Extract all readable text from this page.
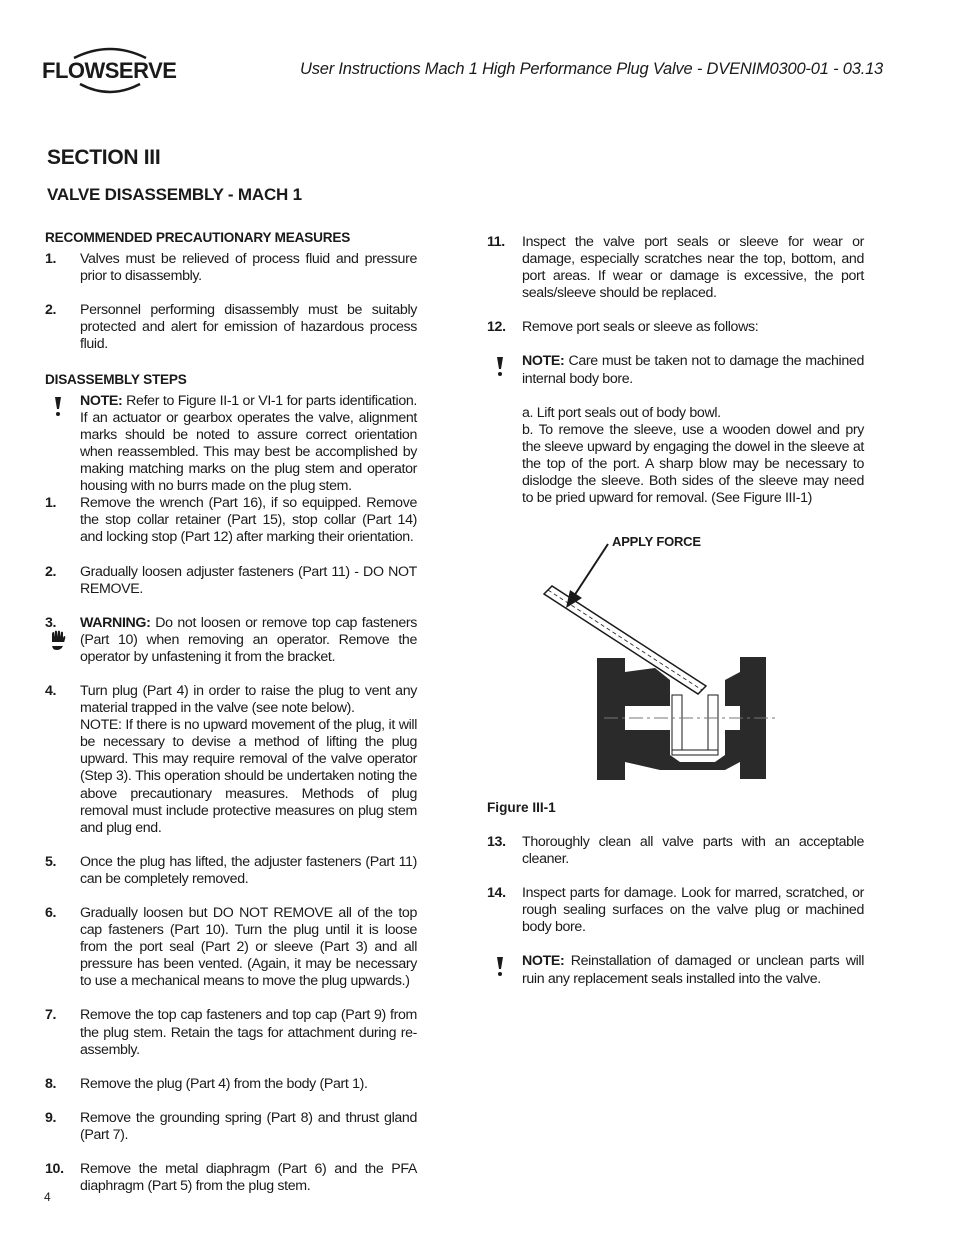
FLOWSERVE	User Instructions Mach 1 High Performance Plug Valve - DVENIM0300-01 - 03.13
SECTION III
VALVE DISASSEMBLY - MACH 1
RECOMMENDED PRECAUTIONARY MEASURES
1.	Valves must be relieved of process fluid and pressure prior to disassembly.
2.	Personnel performing disassembly must be suitably protected and alert for emission of hazardous process fluid.
DISASSEMBLY STEPS
NOTE: Refer to Figure II-1 or VI-1 for parts identification. If an actuator or gearbox operates the valve, alignment marks should be noted to assure correct orientation when reassembled. This may best be accomplished by making matching marks on the plug stem and operator housing with no burrs made on the plug stem.
1.	Remove the wrench (Part 16), if so equipped. Remove the stop collar retainer (Part 15), stop collar (Part 14) and locking stop (Part 12) after marking their orientation.
2.	Gradually loosen adjuster fasteners (Part 11) - DO NOT REMOVE.
3.	WARNING: Do not loosen or remove top cap fasteners (Part 10) when removing an operator. Remove the operator by unfastening it from the bracket.
4.	Turn plug (Part 4) in order to raise the plug to vent any material trapped in the valve (see note below).
NOTE: If there is no upward movement of the plug, it will be necessary to devise a method of lifting the plug upward. This may require removal of the valve operator (Step 3). This operation should be undertaken noting the above precautionary measures. Methods of plug removal must include protective measures on plug stem and plug end.
5.	Once the plug has lifted, the adjuster fasteners (Part 11) can be completely removed.
6.	Gradually loosen but DO NOT REMOVE all of the top cap fasteners (Part 10). Turn the plug until it is loose from the port seal (Part 2) or sleeve (Part 3) and all pressure has been vented. (Again, it may be necessary to use a mechanical means to move the plug upwards.)
7.	Remove the top cap fasteners and top cap (Part 9) from the plug stem. Retain the tags for attachment during re-assembly.
8.	Remove the plug (Part 4) from the body (Part 1).
9.	Remove the grounding spring (Part 8) and thrust gland (Part 7).
10.	Remove the metal diaphragm (Part 6) and the PFA diaphragm (Part 5) from the plug stem.
11.	Inspect the valve port seals or sleeve for wear or damage, especially scratches near the top, bottom, and port areas. If wear or damage is excessive, the port seals/sleeve should be replaced.
12.	Remove port seals or sleeve as follows:
NOTE: Care must be taken not to damage the machined internal body bore.
a. Lift port seals out of body bowl.
b. To remove the sleeve, use a wooden dowel and pry the sleeve upward by engaging the dowel in the sleeve at the top of the port. A sharp blow may be necessary to dislodge the sleeve. Both sides of the sleeve may need to be pried upward for removal. (See Figure III-1)
APPLY FORCE
Figure III-1
13.	Thoroughly clean all valve parts with an acceptable cleaner.
14.	Inspect parts for damage. Look for marred, scratched, or rough sealing surfaces on the valve plug or machined body bore.
NOTE: Reinstallation of damaged or unclean parts will ruin any replacement seals installed into the valve.
4
